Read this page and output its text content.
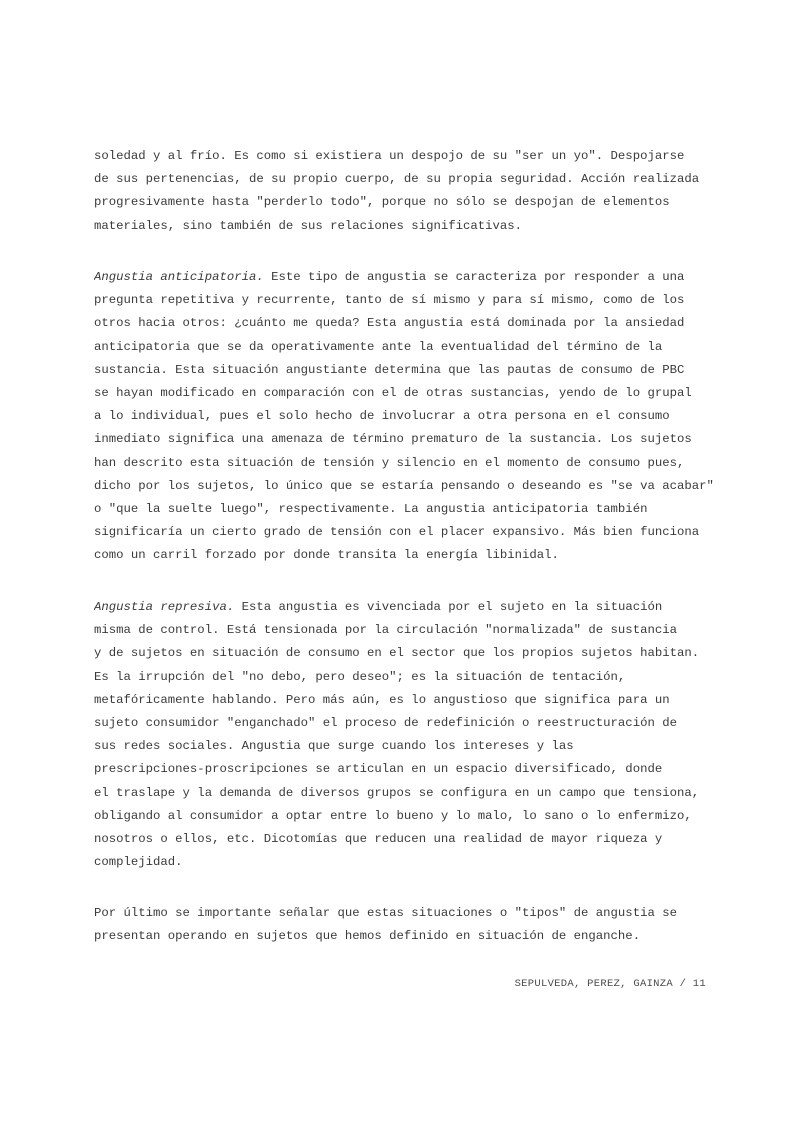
soledad y al frío. Es como si existiera un despojo de su "ser un yo". Despojarse
de sus pertenencias, de su propio cuerpo, de su propia seguridad. Acción realizada
progresivamente hasta "perderlo todo", porque no sólo se despojan de elementos
materiales, sino también de sus relaciones significativas.
Angustia anticipatoria. Este tipo de angustia se caracteriza por responder a una
pregunta repetitiva y recurrente, tanto de sí mismo y para sí mismo, como de los
otros hacia otros: ¿cuánto me queda? Esta angustia está dominada por la ansiedad
anticipatoria que se da operativamente ante la eventualidad del término de la
sustancia. Esta situación angustiante determina que las pautas de consumo de PBC
se hayan modificado en comparación con el de otras sustancias, yendo de lo grupal
a lo individual, pues el solo hecho de involucrar a otra persona en el consumo
inmediato significa una amenaza de término prematuro de la sustancia. Los sujetos
han descrito esta situación de tensión y silencio en el momento de consumo pues,
dicho por los sujetos, lo único que se estaría pensando o deseando es "se va acabar"
o "que la suelte luego", respectivamente. La angustia anticipatoria también
significaría un cierto grado de tensión con el placer expansivo. Más bien funciona
como un carril forzado por donde transita la energía libinidal.
Angustia represiva. Esta angustia es vivenciada por el sujeto en la situación
misma de control. Está tensionada por la circulación "normalizada" de sustancia
y de sujetos en situación de consumo en el sector que los propios sujetos habitan.
Es la irrupción del "no debo, pero deseo"; es la situación de tentación,
metafóricamente hablando. Pero más aún, es lo angustioso que significa para un
sujeto consumidor "enganchado" el proceso de redefinición o reestructuración de
sus redes sociales. Angustia que surge cuando los intereses y las
prescripciones-proscripciones se articulan en un espacio diversificado, donde
el traslape y la demanda de diversos grupos se configura en un campo que tensiona,
obligando al consumidor a optar entre lo bueno y lo malo, lo sano o lo enfermizo,
nosotros o ellos, etc. Dicotomías que reducen una realidad de mayor riqueza y
complejidad.
Por último se importante señalar que estas situaciones o "tipos" de angustia se
presentan operando en sujetos que hemos definido en situación de enganche.
SEPULVEDA, PEREZ, GAINZA / 11
